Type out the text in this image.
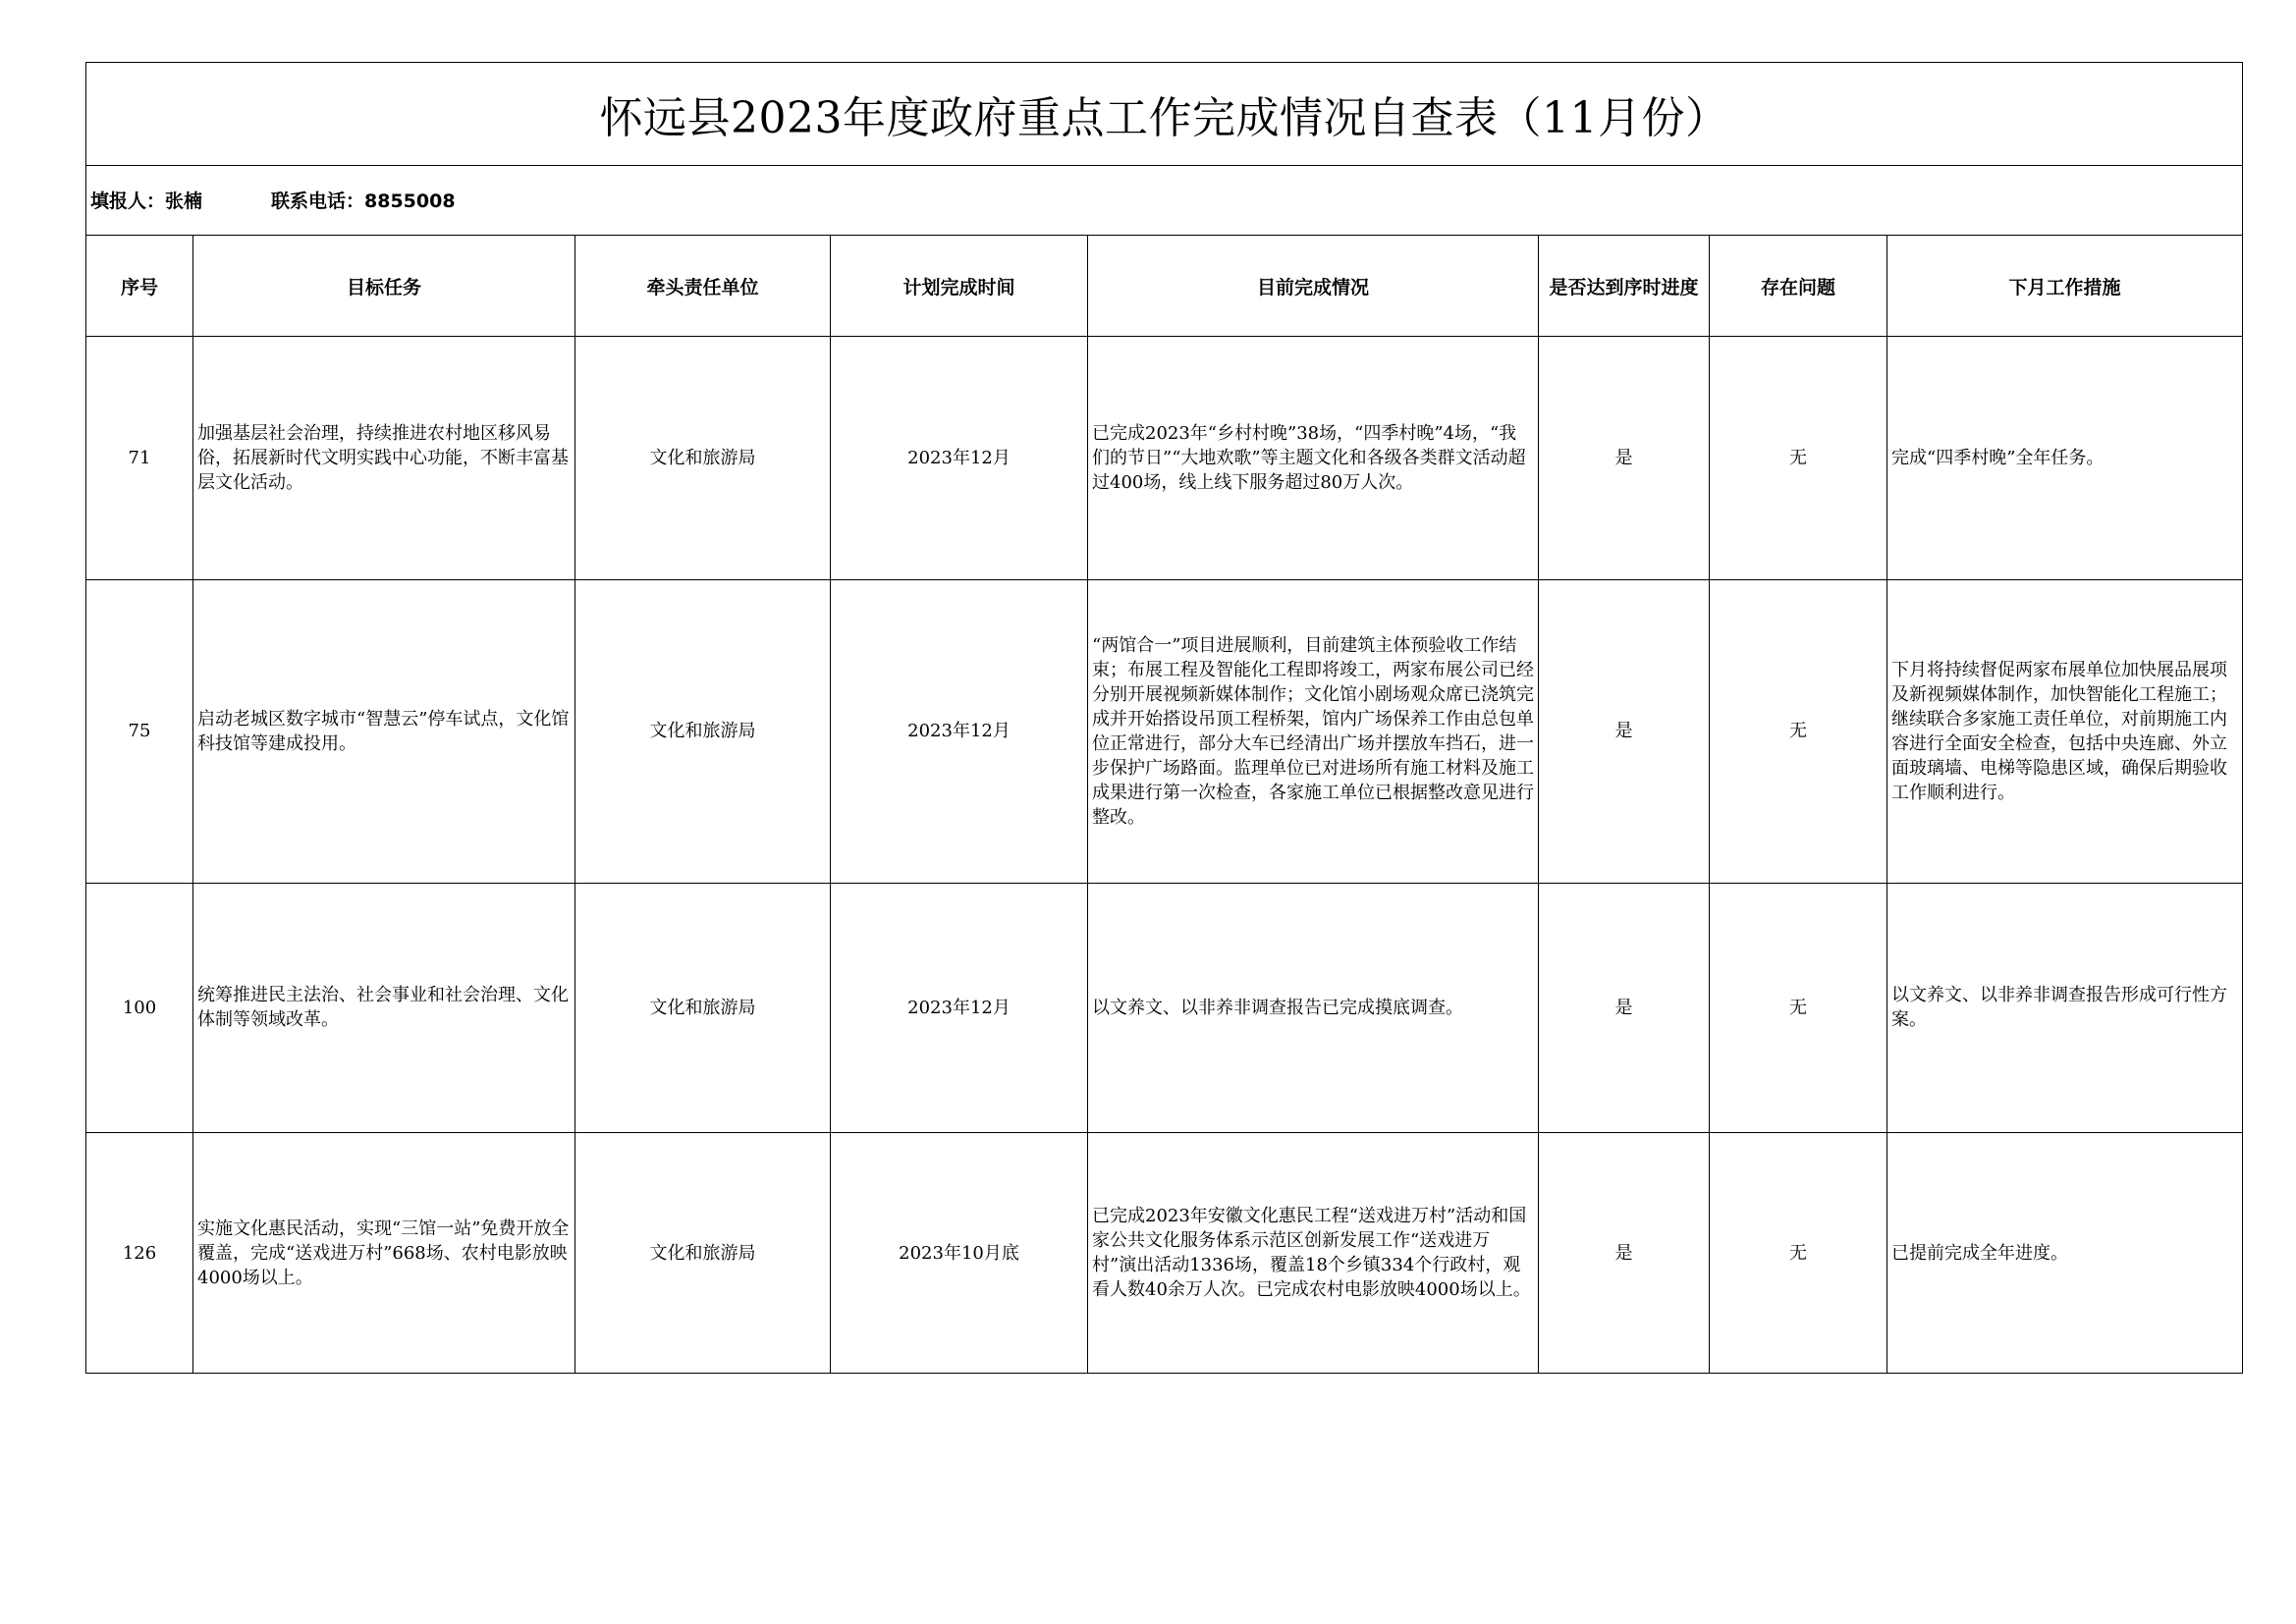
怀远县2023年度政府重点工作完成情况自查表（11月份）							
填报人：张楠 联系电话：8855008							
序号	目标任务	牵头责任单位	计划完成时间	目前完成情况	是否达到序时进度	存在问题	下月工作措施
71	加强基层社会治理，持续推进农村地区移风易俗，拓展新时代文明实践中心功能，不断丰富基层文化活动。	文化和旅游局	2023年12月	已完成2023年“乡村村晚”38场，“四季村晚”4场，“我们的节日”“大地欢歌”等主题文化和各级各类群文活动超过400场，线上线下服务超过80万人次。	是	无	完成“四季村晚”全年任务。
75	启动老城区数字城市“智慧云”停车试点，文化馆科技馆等建成投用。	文化和旅游局	2023年12月	“两馆合一”项目进展顺利，目前建筑主体预验收工作结束；布展工程及智能化工程即将竣工，两家布展公司已经分别开展视频新媒体制作；文化馆小剧场观众席已浇筑完成并开始搭设吊顶工程桥架，馆内广场保养工作由总包单位正常进行，部分大车已经清出广场并摆放车挡石，进一步保护广场路面。监理单位已对进场所有施工材料及施工成果进行第一次检查，各家施工单位已根据整改意见进行整改。	是	无	下月将持续督促两家布展单位加快展品展项及新视频媒体制作，加快智能化工程施工；继续联合多家施工责任单位，对前期施工内容进行全面安全检查，包括中央连廊、外立面玻璃墙、电梯等隐患区域，确保后期验收工作顺利进行。
100	统筹推进民主法治、社会事业和社会治理、文化体制等领域改革。	文化和旅游局	2023年12月	以文养文、以非养非调查报告已完成摸底调查。	是	无	以文养文、以非养非调查报告形成可行性方案。
126	实施文化惠民活动，实现“三馆一站”免费开放全覆盖，完成“送戏进万村”668场、农村电影放映4000场以上。	文化和旅游局	2023年10月底	已完成2023年安徽文化惠民工程“送戏进万村”活动和国家公共文化服务体系示范区创新发展工作“送戏进万村”演出活动1336场，覆盖18个乡镇334个行政村，观看人数40余万人次。已完成农村电影放映4000场以上。	是	无	已提前完成全年进度。
